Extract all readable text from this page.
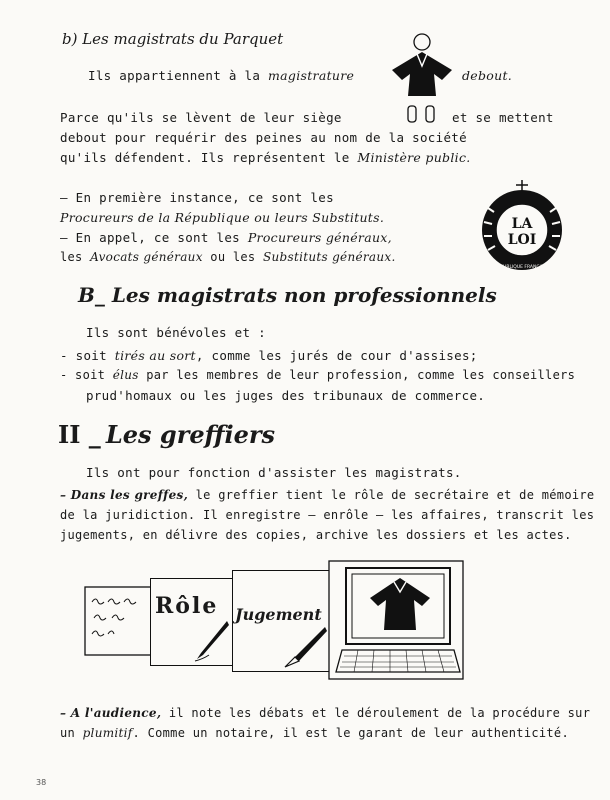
b) Les magistrats du Parquet
Ils appartiennent à la magistrature	debout.
Parce qu'ils se lèvent de leur siège	et se mettent
debout pour requérir des peines au nom de la société
qu'ils défendent. Ils représentent le Ministère public.
– En première instance, ce sont les
Procureurs de la République ou leurs Substituts.
– En appel, ce sont les Procureurs généraux,
les Avocats généraux ou les Substituts généraux.
LA
LOI
RÉPUBLIQUE FRANÇAISE
B_ Les magistrats non professionnels
Ils sont bénévoles et :
- soit tirés au sort, comme les jurés de cour d'assises;
- soit élus par les membres de leur profession, comme les conseillers
prud'homaux ou les juges des tribunaux de commerce.
II _ Les greffiers
Ils ont pour fonction d'assister les magistrats.
– Dans les greffes, le greffier tient le rôle de secrétaire et de mémoire
de la juridiction. Il enregistre – enrôle – les affaires, transcrit les
jugements, en délivre des copies, archive les dossiers et les actes.
Rôle Jugement
– A l'audience, il note les débats et le déroulement de la procédure sur
un plumitif. Comme un notaire, il est le garant de leur authenticité.
38
